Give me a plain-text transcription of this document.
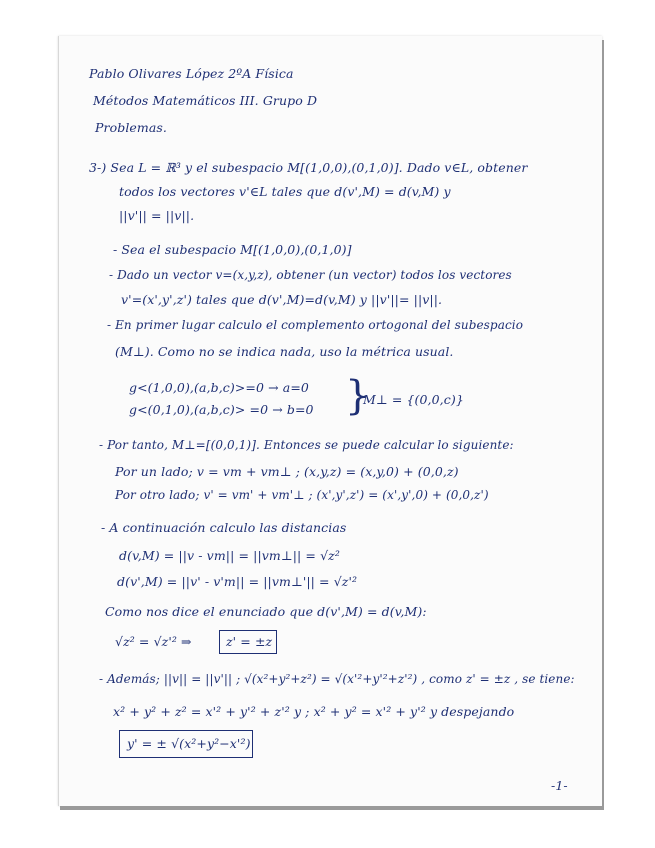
Pablo Olivares López 2ºA Física
Métodos Matemáticos III. Grupo D
Problemas.
3-) Sea L = ℝ³ y el subespacio M[(1,0,0),(0,1,0)]. Dado v∈L, obtener
todos los vectores v'∈L tales que d(v',M) = d(v,M) y
||v'|| = ||v||.
- Sea el subespacio M[(1,0,0),(0,1,0)]
- Dado un vector v=(x,y,z), obtener (un vector) todos los vectores
v'=(x',y',z') tales que d(v',M)=d(v,M) y ||v'||= ||v||.
- En primer lugar calculo el complemento ortogonal del subespacio
(M⊥). Como no se indica nada, uso la métrica usual.
g<(1,0,0),(a,b,c)>=0 → a=0
g<(0,1,0),(a,b,c)> =0 → b=0 }
M⊥ = {(0,0,c)}
- Por tanto, M⊥=[(0,0,1)]. Entonces se puede calcular lo siguiente:
Por un lado; v = vm + vm⊥ ; (x,y,z) = (x,y,0) + (0,0,z)
Por otro lado; v' = vm' + vm'⊥ ; (x',y',z') = (x',y',0) + (0,0,z')
- A continuación calculo las distancias
d(v,M) = ||v - vm|| = ||vm⊥|| = √z²
d(v',M) = ||v' - v'm|| = ||vm⊥'|| = √z'²
Como nos dice el enunciado que d(v',M) = d(v,M):
√z² = √z'² ⇒	z' = ±z
- Además; ||v|| = ||v'|| ; √(x²+y²+z²) = √(x'²+y'²+z'²) , como z' = ±z , se tiene:
x² + y² + z² = x'² + y'² + z'² y ; x² + y² = x'² + y'² y despejando
y' = ± √(x²+y²−x'²)
-1-
